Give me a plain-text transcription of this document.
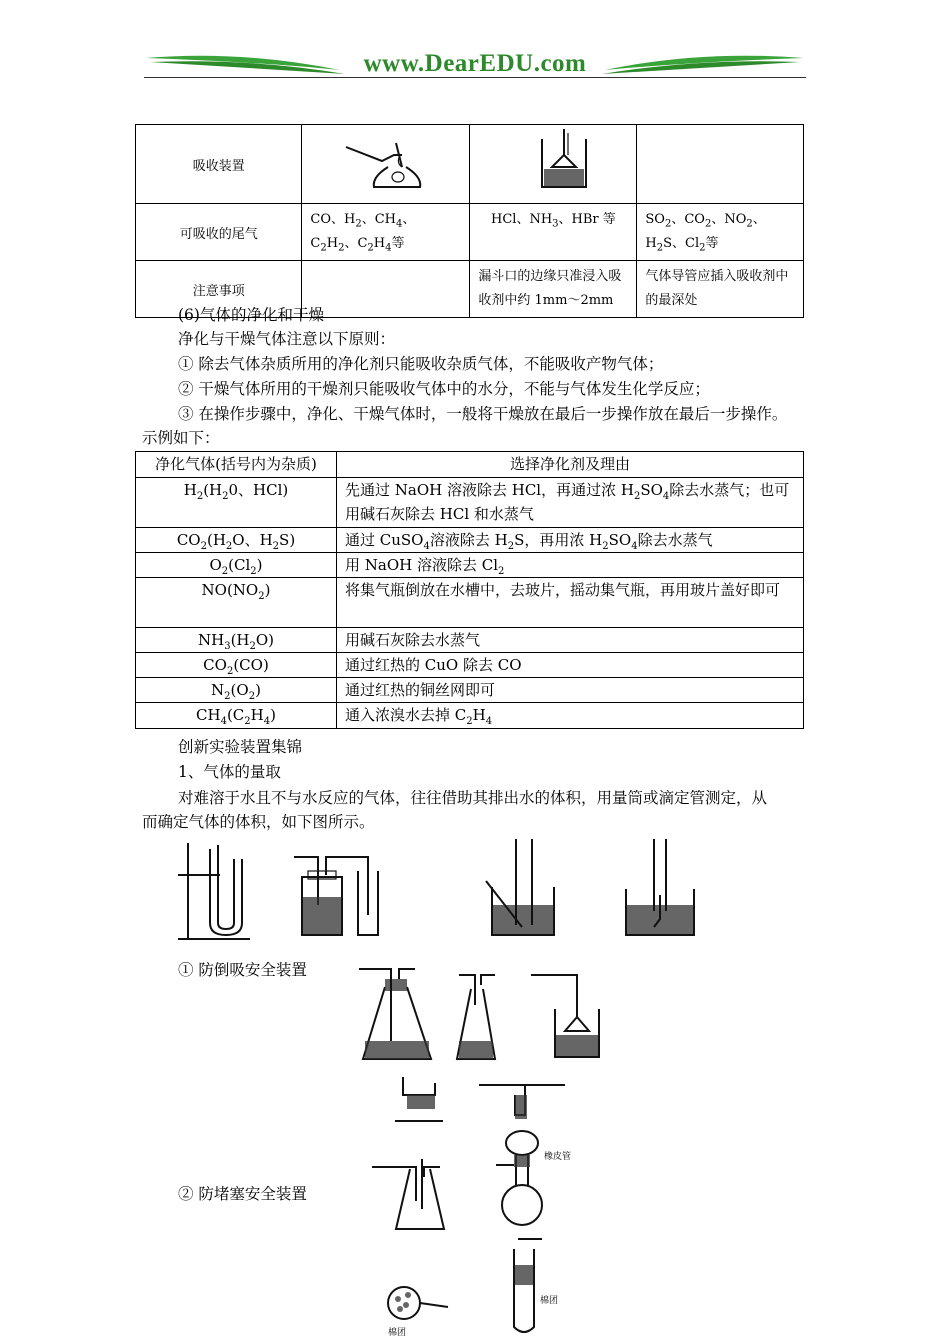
www.DearEDU.com
吸收装置			
可吸收的尾气	CO、$H_2$、$CH_4$、$C_2H_2$、$C_2H_4$等	HCl、$NH_3$、HBr 等	$SO_2$、$CO_2$、$NO_2$、$H_2S$、$Cl_2$等
注意事项		漏斗口的边缘只准浸入吸收剂中约 1mm～2mm	气体导管应插入吸收剂中的最深处
(6)气体的净化和干燥
净化与干燥气体注意以下原则：
① 除去气体杂质所用的净化剂只能吸收杂质气体，不能吸收产物气体；
② 干燥气体所用的干燥剂只能吸收气体中的水分，不能与气体发生化学反应；
③ 在操作步骤中，净化、干燥气体时，一般将干燥放在最后一步操作放在最后一步操作。
示例如下：
净化气体(括号内为杂质)	选择净化剂及理由
$H_2(H_20$、HCl)	先通过 NaOH 溶液除去 HCl，再通过浓 $H_2SO_4$除去水蒸气；也可用碱石灰除去 HCl 和水蒸气
$CO_2(H_2O$、$H_2S$)	通过 CuSO$_4$溶液除去 $H_2S$，再用浓 $H_2SO_4$除去水蒸气
$O_2(Cl_2)$	用 NaOH 溶液除去 $Cl_2$
$NO(NO_2)$	将集气瓶倒放在水槽中，去玻片，摇动集气瓶，再用玻片盖好即可
$NH_3(H_2O)$	用碱石灰除去水蒸气
$CO_2(CO)$	通过红热的 CuO 除去 CO
$N_2(O_2)$	通过红热的铜丝网即可
$CH_4(C_2H_4)$	通入浓溴水去掉 $C_2H_4$
创新实验装置集锦
1、气体的量取
对难溶于水且不与水反应的气体，往往借助其排出水的体积，用量筒或滴定管测定，从
而确定气体的体积，如下图所示。
① 防倒吸安全装置
② 防堵塞安全装置
橡皮管
棉团
棉团
